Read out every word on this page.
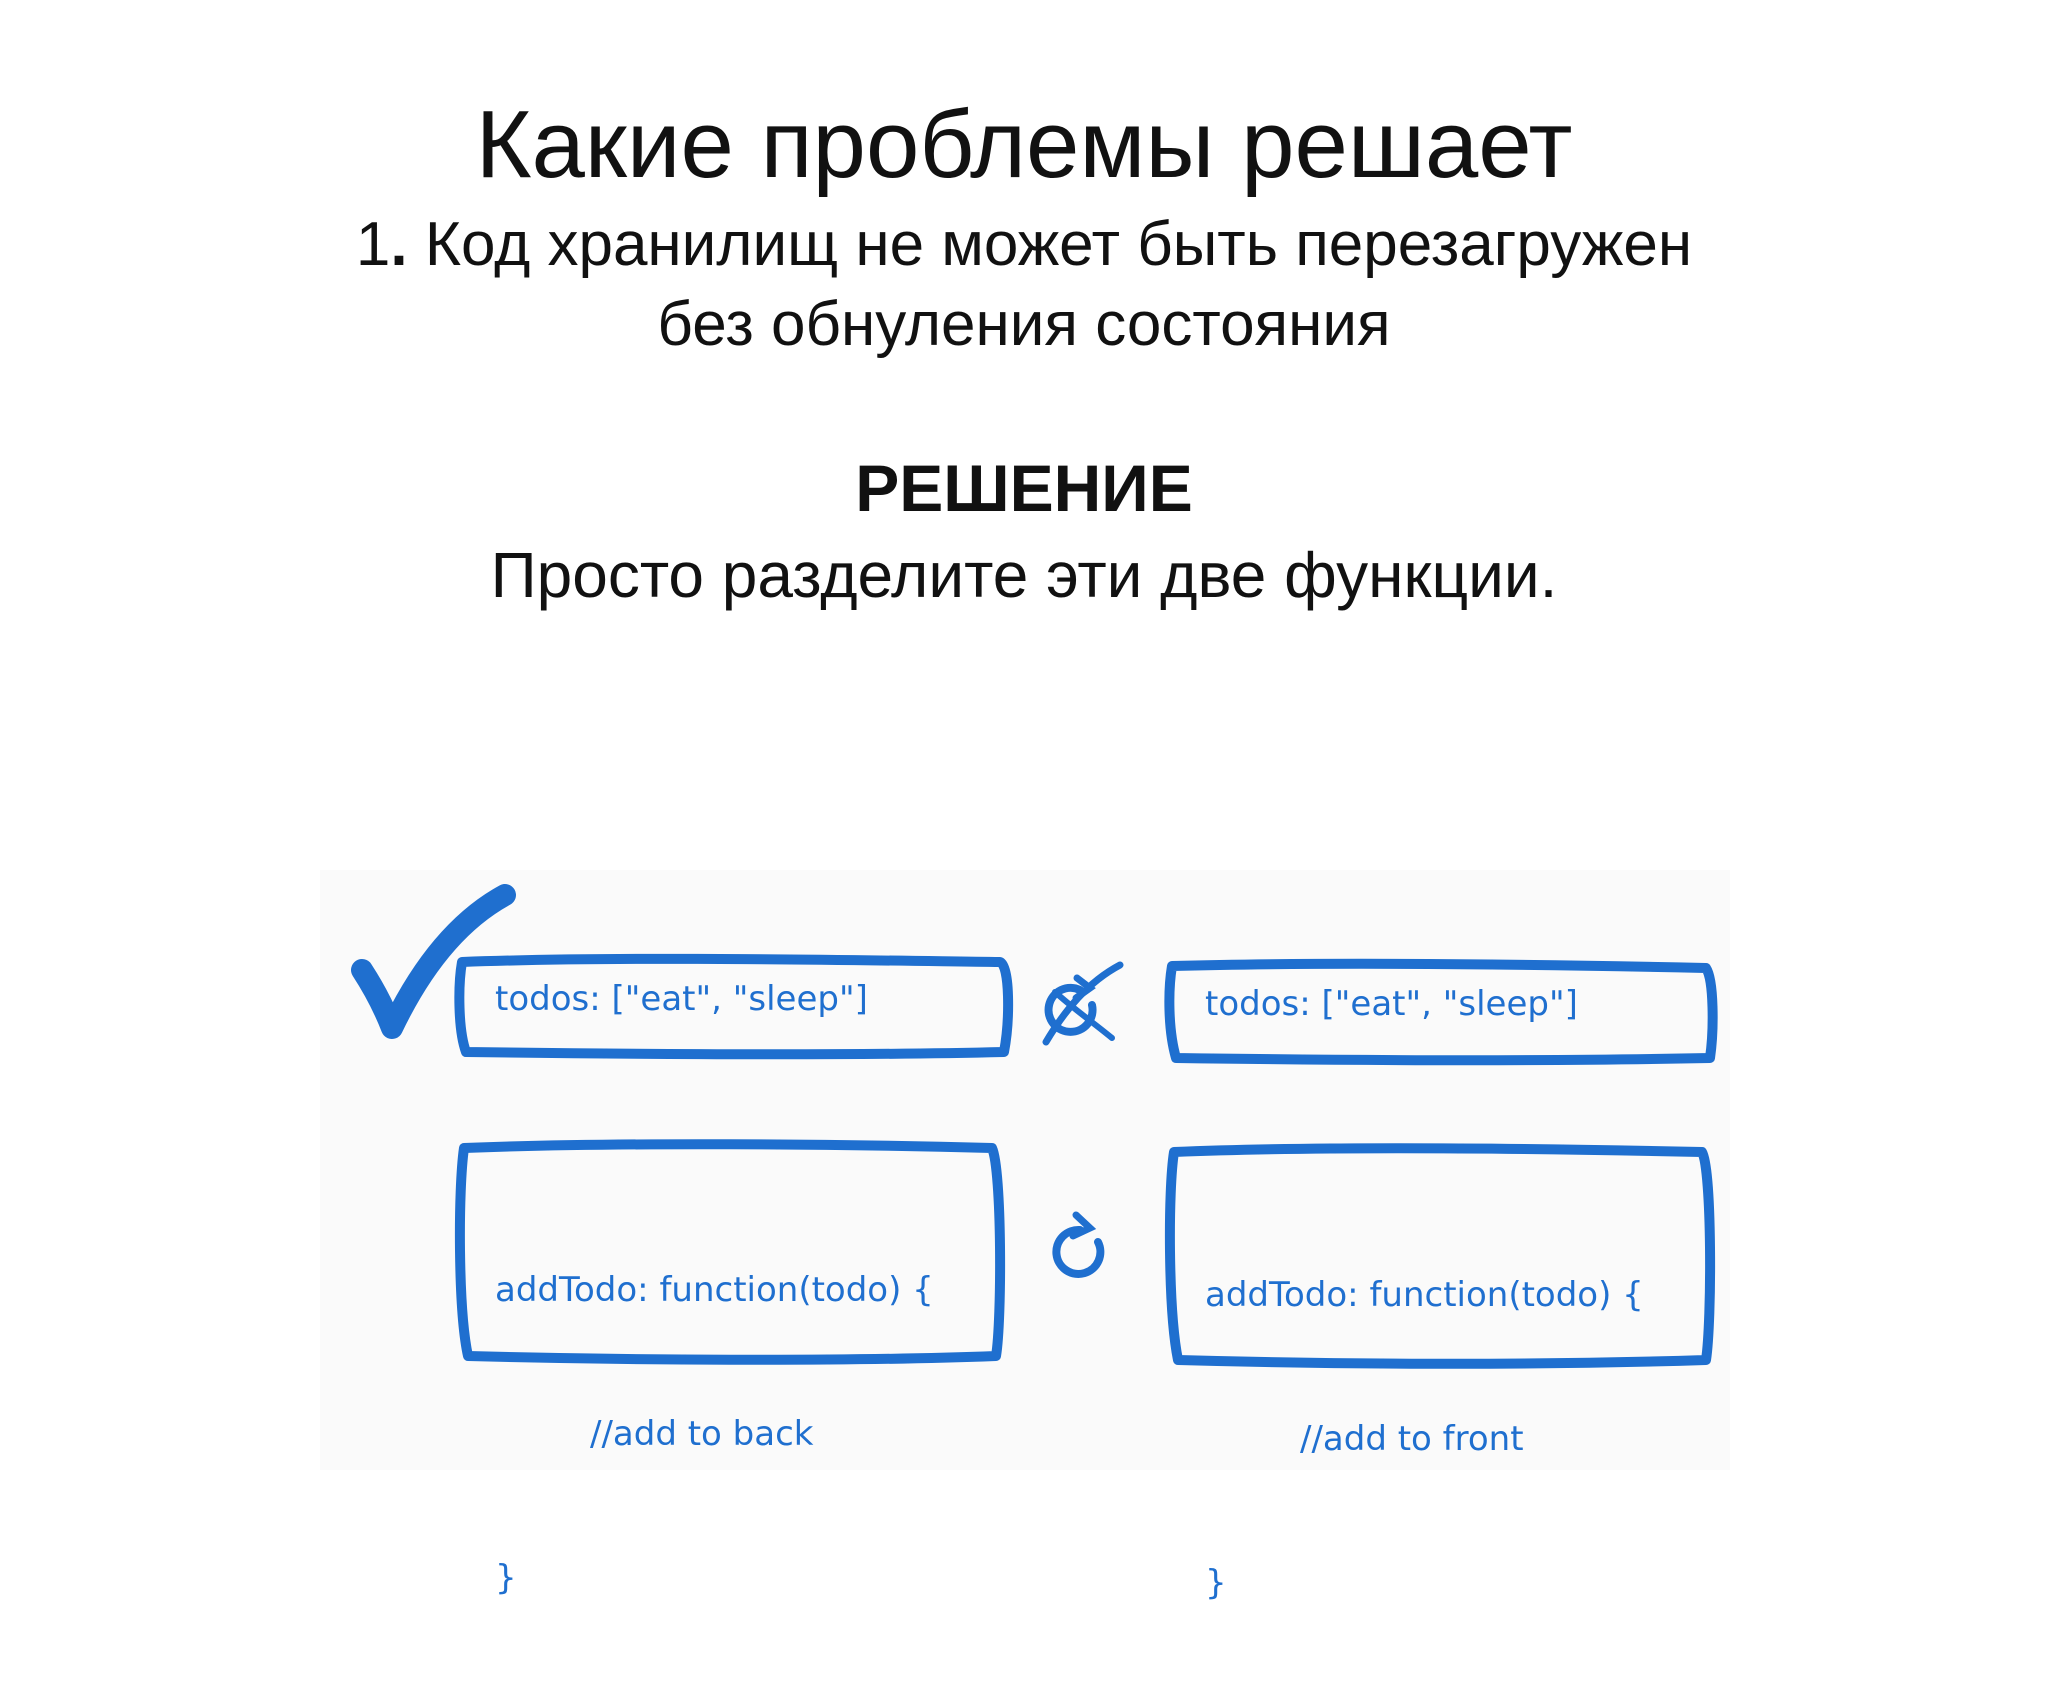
Какие проблемы решает
1. Код хранилищ не может быть перезагружен
без обнуления состояния
РЕШЕНИЕ
Просто разделите эти две функции.
todos: ["eat", "sleep"]	todos: ["eat", "sleep"]

addTodo: function(todo) {

//add to back

}

addTodo: function(todo) {

//add to front

}
